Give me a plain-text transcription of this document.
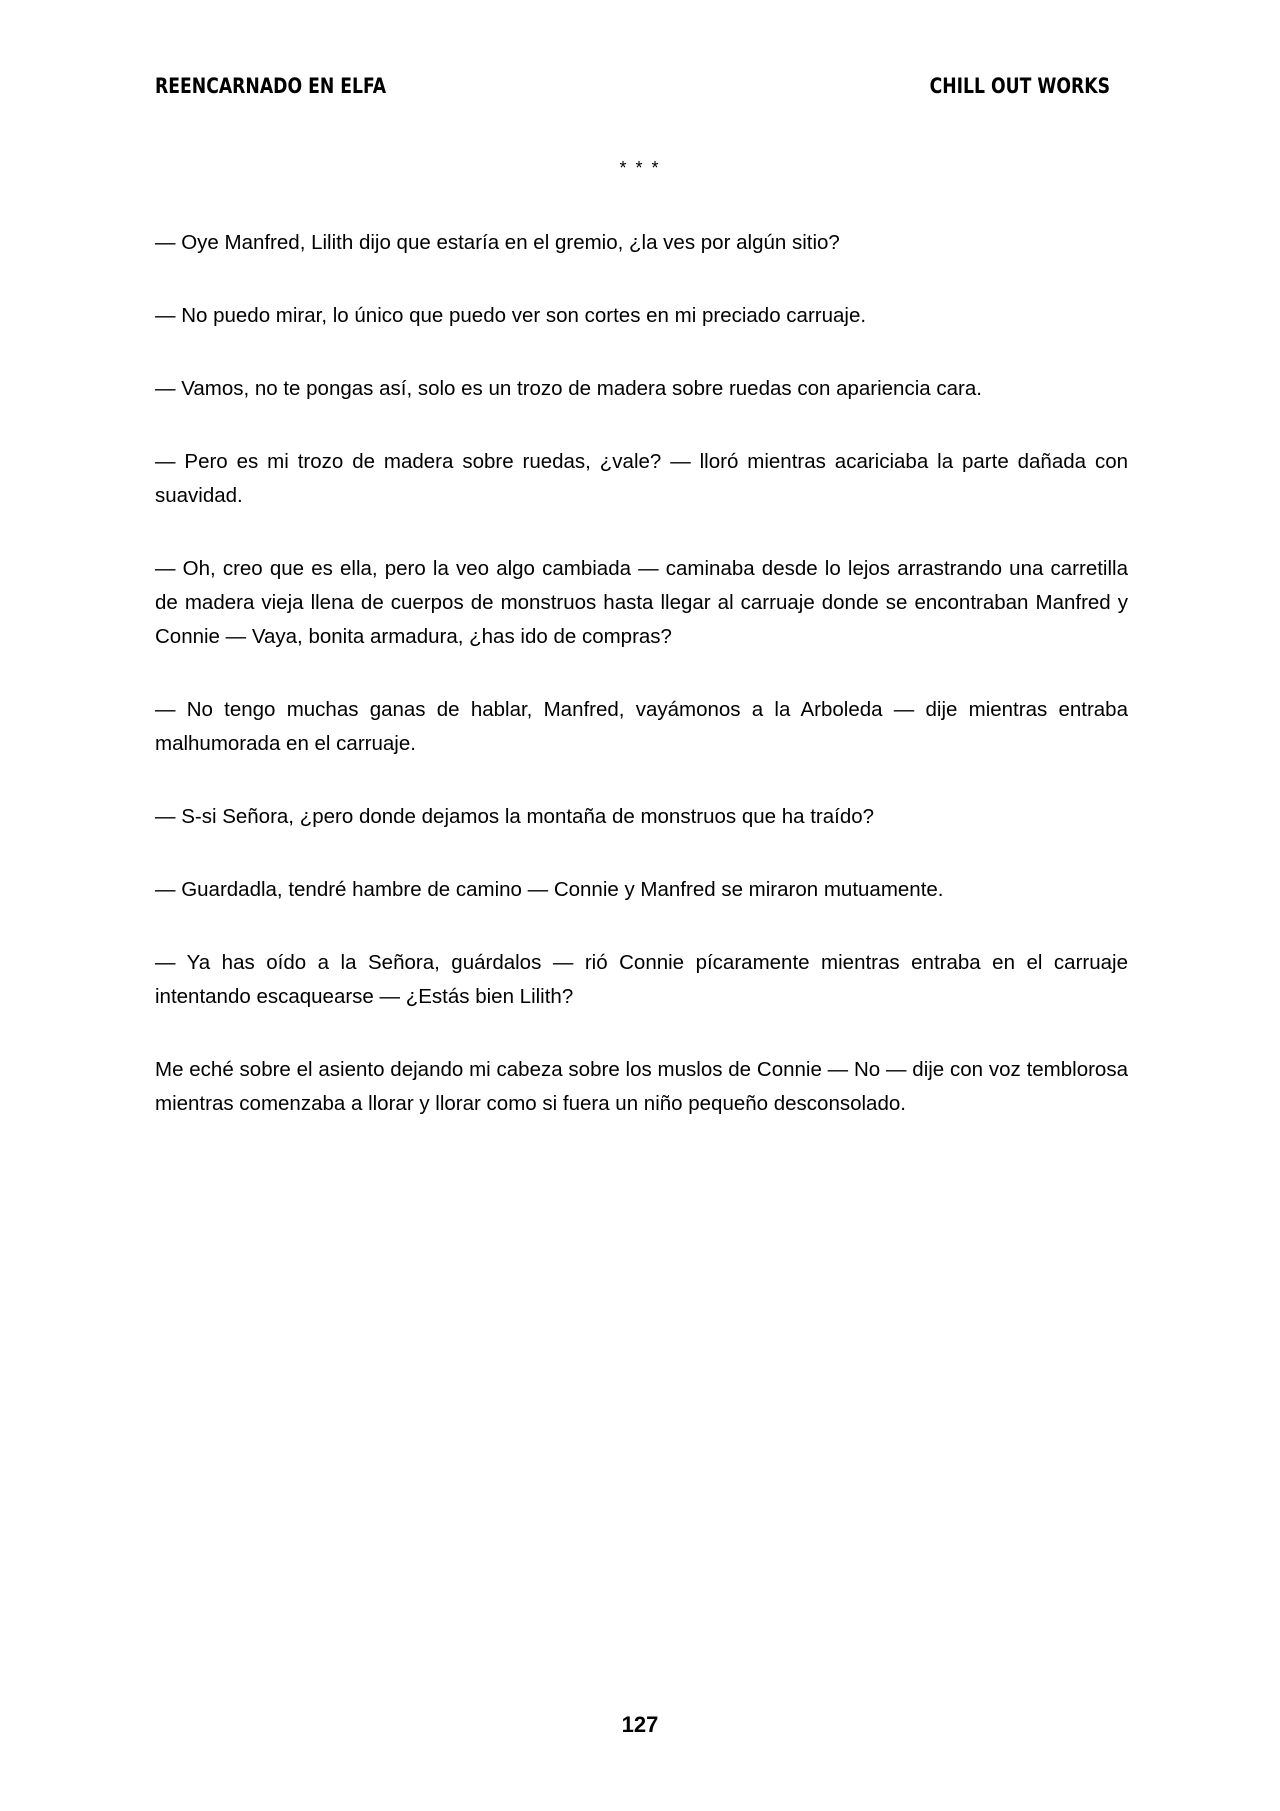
REENCARNADO EN ELFA	CHILL OUT WORKS
* * *

— Oye Manfred, Lilith dijo que estaría en el gremio, ¿la ves por algún sitio?

— No puedo mirar, lo único que puedo ver son cortes en mi preciado carruaje.

— Vamos, no te pongas así, solo es un trozo de madera sobre ruedas con apariencia cara.

— Pero es mi trozo de madera sobre ruedas, ¿vale? — lloró mientras acariciaba la parte dañada con suavidad.

— Oh, creo que es ella, pero la veo algo cambiada — caminaba desde lo lejos arrastrando una carretilla de madera vieja llena de cuerpos de monstruos hasta llegar al carruaje donde se encontraban Manfred y Connie — Vaya, bonita armadura, ¿has ido de compras?

— No tengo muchas ganas de hablar, Manfred, vayámonos a la Arboleda — dije mientras entraba malhumorada en el carruaje.

— S-si Señora, ¿pero donde dejamos la montaña de monstruos que ha traído?

— Guardadla, tendré hambre de camino — Connie y Manfred se miraron mutuamente.

— Ya has oído a la Señora, guárdalos — rió Connie pícaramente mientras entraba en el carruaje intentando escaquearse — ¿Estás bien Lilith?

Me eché sobre el asiento dejando mi cabeza sobre los muslos de Connie — No — dije con voz temblorosa mientras comenzaba a llorar y llorar como si fuera un niño pequeño desconsolado.

127
